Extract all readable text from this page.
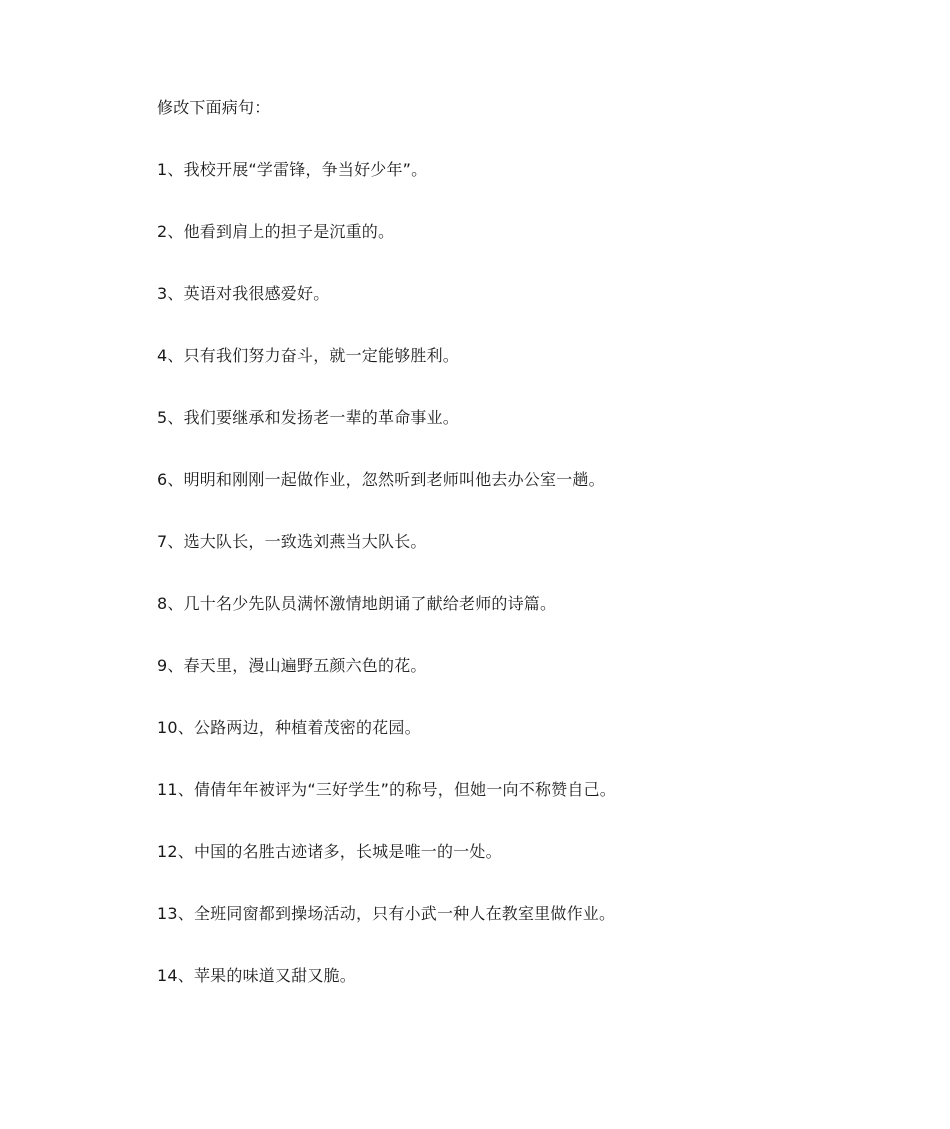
修改下面病句：

1、我校开展“学雷锋，争当好少年”。

2、他看到肩上的担子是沉重的。

3、英语对我很感爱好。

4、只有我们努力奋斗，就一定能够胜利。

5、我们要继承和发扬老一辈的革命事业。

6、明明和刚刚一起做作业，忽然听到老师叫他去办公室一趟。

7、选大队长，一致选刘燕当大队长。

8、几十名少先队员满怀激情地朗诵了献给老师的诗篇。

9、春天里，漫山遍野五颜六色的花。

10、公路两边，种植着茂密的花园。

11、倩倩年年被评为“三好学生”的称号，但她一向不称赞自己。

12、中国的名胜古迹诸多，长城是唯一的一处。

13、全班同窗都到操场活动，只有小武一种人在教室里做作业。

14、苹果的味道又甜又脆。
